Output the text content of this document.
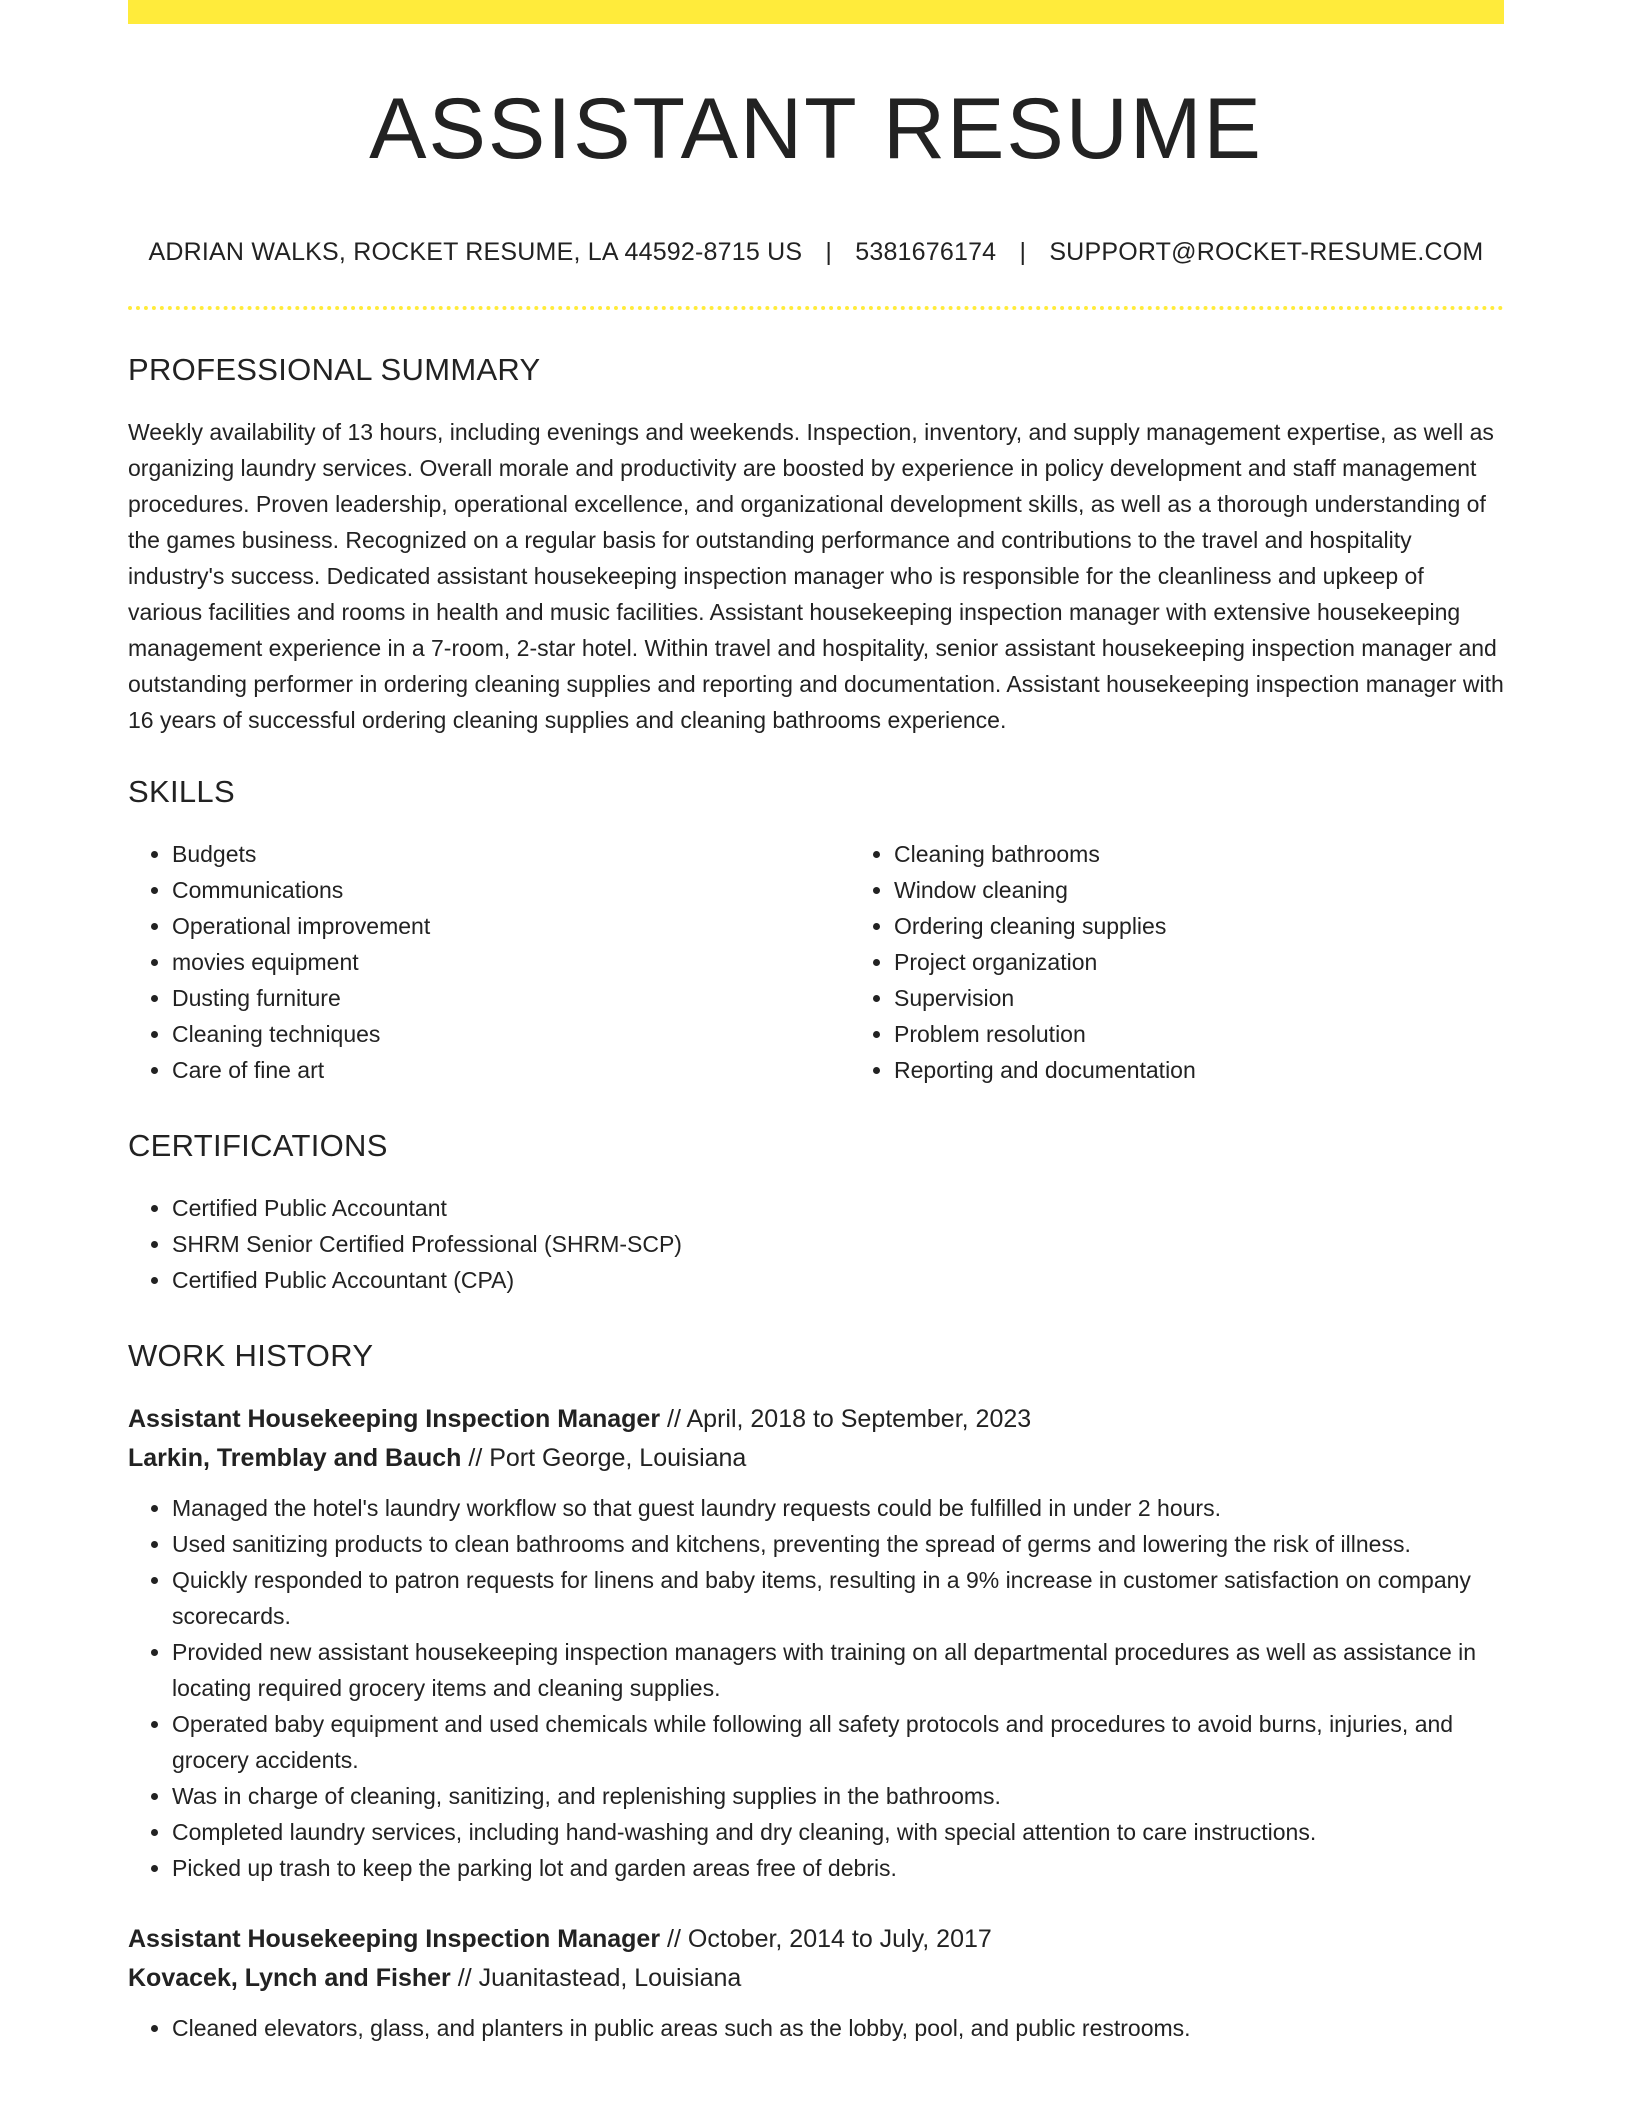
ASSISTANT RESUME
ADRIAN WALKS, ROCKET RESUME, LA 44592-8715 US | 5381676174 | SUPPORT@ROCKET-RESUME.COM
PROFESSIONAL SUMMARY

Weekly availability of 13 hours, including evenings and weekends. Inspection, inventory, and supply management expertise, as well as organizing laundry services. Overall morale and productivity are boosted by experience in policy development and staff management procedures. Proven leadership, operational excellence, and organizational development skills, as well as a thorough understanding of the games business. Recognized on a regular basis for outstanding performance and contributions to the travel and hospitality industry's success. Dedicated assistant housekeeping inspection manager who is responsible for the cleanliness and upkeep of various facilities and rooms in health and music facilities. Assistant housekeeping inspection manager with extensive housekeeping management experience in a 7-room, 2-star hotel. Within travel and hospitality, senior assistant housekeeping inspection manager and outstanding performer in ordering cleaning supplies and reporting and documentation. Assistant housekeeping inspection manager with 16 years of successful ordering cleaning supplies and cleaning bathrooms experience.

SKILLS
• Budgets
• Communications
• Operational improvement
• movies equipment
• Dusting furniture
• Cleaning techniques
• Care of fine art
• Cleaning bathrooms
• Window cleaning
• Ordering cleaning supplies
• Project organization
• Supervision
• Problem resolution
• Reporting and documentation
CERTIFICATIONS
• Certified Public Accountant
• SHRM Senior Certified Professional (SHRM-SCP)
• Certified Public Accountant (CPA)
WORK HISTORY
Assistant Housekeeping Inspection Manager // April, 2018 to September, 2023
Larkin, Tremblay and Bauch // Port George, Louisiana
• Managed the hotel's laundry workflow so that guest laundry requests could be fulfilled in under 2 hours.
• Used sanitizing products to clean bathrooms and kitchens, preventing the spread of germs and lowering the risk of illness.
• Quickly responded to patron requests for linens and baby items, resulting in a 9% increase in customer satisfaction on company scorecards.
• Provided new assistant housekeeping inspection managers with training on all departmental procedures as well as assistance in locating required grocery items and cleaning supplies.
• Operated baby equipment and used chemicals while following all safety protocols and procedures to avoid burns, injuries, and grocery accidents.
• Was in charge of cleaning, sanitizing, and replenishing supplies in the bathrooms.
• Completed laundry services, including hand-washing and dry cleaning, with special attention to care instructions.
• Picked up trash to keep the parking lot and garden areas free of debris.
Assistant Housekeeping Inspection Manager // October, 2014 to July, 2017
Kovacek, Lynch and Fisher // Juanitastead, Louisiana
• Cleaned elevators, glass, and planters in public areas such as the lobby, pool, and public restrooms.
